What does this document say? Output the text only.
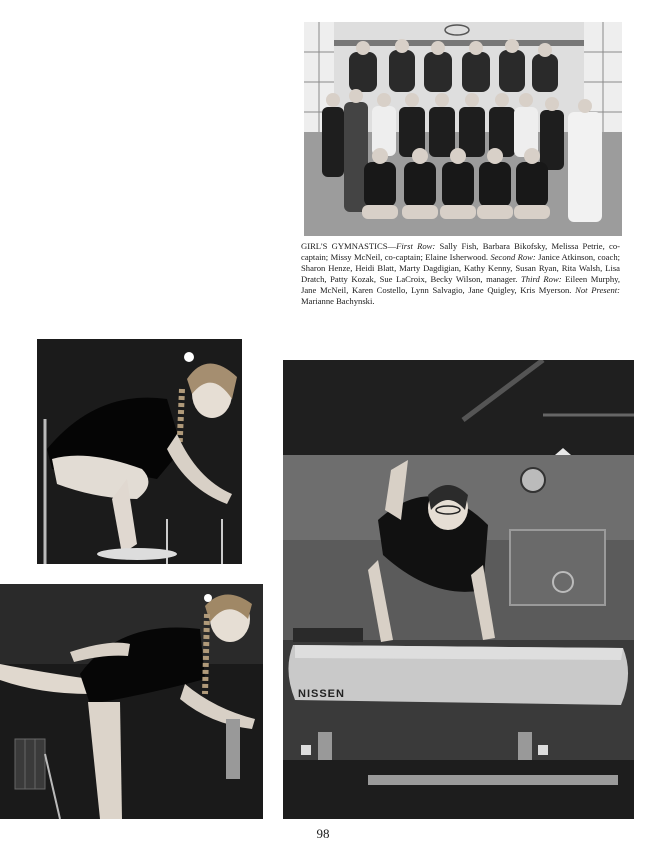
GIRL'S GYMNASTICS—First Row: Sally Fish, Barbara Bikofsky, Melissa Petrie, co-captain; Missy McNeil, co-captain; Elaine Isherwood. Second Row: Janice Atkinson, coach; Sharon Henze, Heidi Blatt, Marty Dagdigian, Kathy Kenny, Susan Ryan, Rita Walsh, Lisa Dratch, Patty Kozak, Sue LaCroix, Becky Wilson, manager. Third Row: Eileen Murphy, Jane McNeil, Karen Costello, Lynn Salvagio, Jane Quigley, Kris Myerson. Not Present: Marianne Bachynski.

NISSEN
98
